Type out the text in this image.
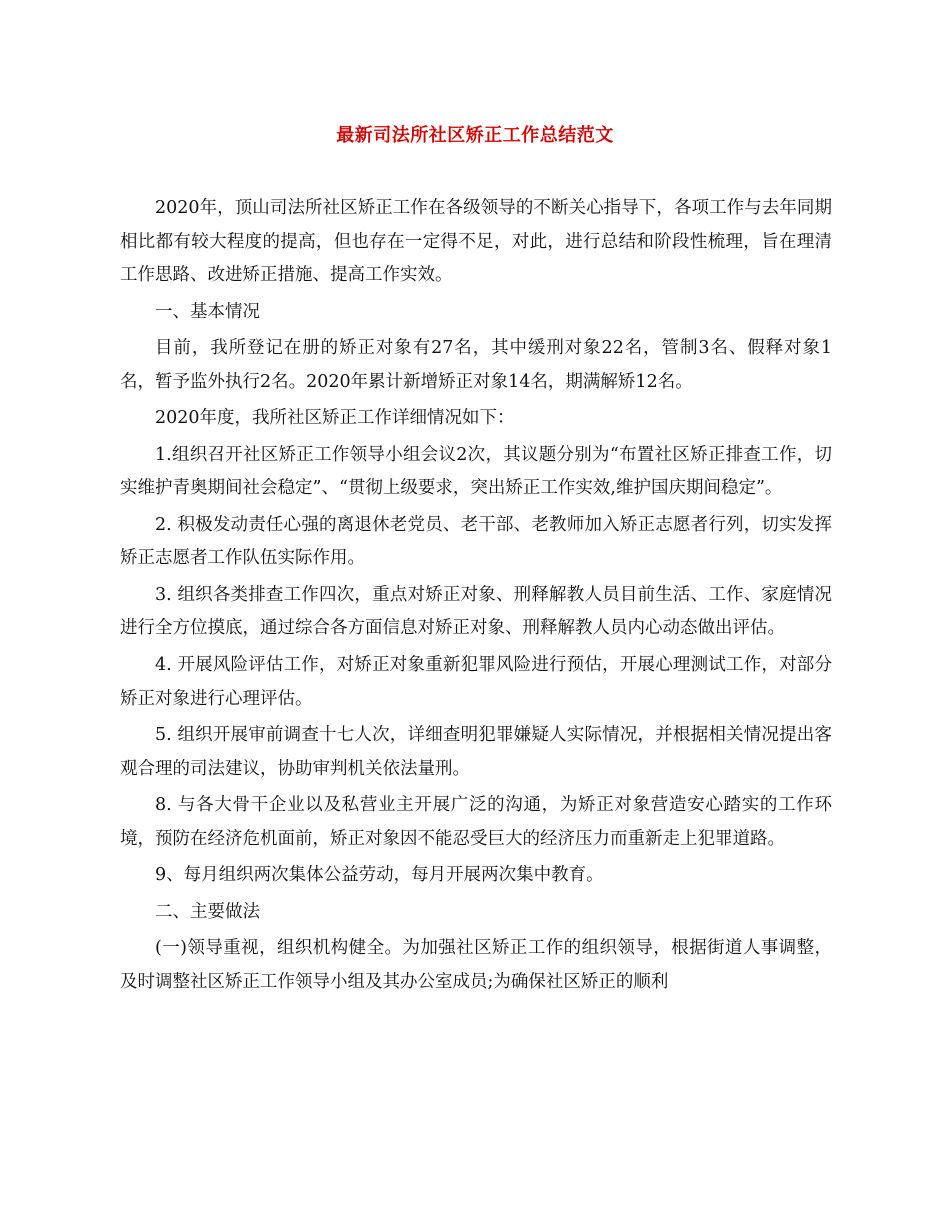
最新司法所社区矫正工作总结范文

2020年，顶山司法所社区矫正工作在各级领导的不断关心指导下，各项工作与去年同期相比都有较大程度的提高，但也存在一定得不足，对此，进行总结和阶段性梳理，旨在理清工作思路、改进矫正措施、提高工作实效。

一、基本情况

目前，我所登记在册的矫正对象有27名，其中缓刑对象22名，管制3名、假释对象1名，暂予监外执行2名。2020年累计新增矫正对象14名，期满解矫12名。

2020年度，我所社区矫正工作详细情况如下：

1.组织召开社区矫正工作领导小组会议2次，其议题分别为“布置社区矫正排查工作，切实维护青奥期间社会稳定”、“贯彻上级要求，突出矫正工作实效,维护国庆期间稳定”。

2. 积极发动责任心强的离退休老党员、老干部、老教师加入矫正志愿者行列，切实发挥矫正志愿者工作队伍实际作用。

3. 组织各类排查工作四次，重点对矫正对象、刑释解教人员目前生活、工作、家庭情况进行全方位摸底，通过综合各方面信息对矫正对象、刑释解教人员内心动态做出评估。

4. 开展风险评估工作，对矫正对象重新犯罪风险进行预估，开展心理测试工作，对部分矫正对象进行心理评估。

5. 组织开展审前调查十七人次，详细查明犯罪嫌疑人实际情况，并根据相关情况提出客观合理的司法建议，协助审判机关依法量刑。

8. 与各大骨干企业以及私营业主开展广泛的沟通，为矫正对象营造安心踏实的工作环境，预防在经济危机面前，矫正对象因不能忍受巨大的经济压力而重新走上犯罪道路。

9、每月组织两次集体公益劳动，每月开展两次集中教育。

二、主要做法

(一)领导重视，组织机构健全。为加强社区矫正工作的组织领导，根据街道人事调整，及时调整社区矫正工作领导小组及其办公室成员;为确保社区矫正的顺利
